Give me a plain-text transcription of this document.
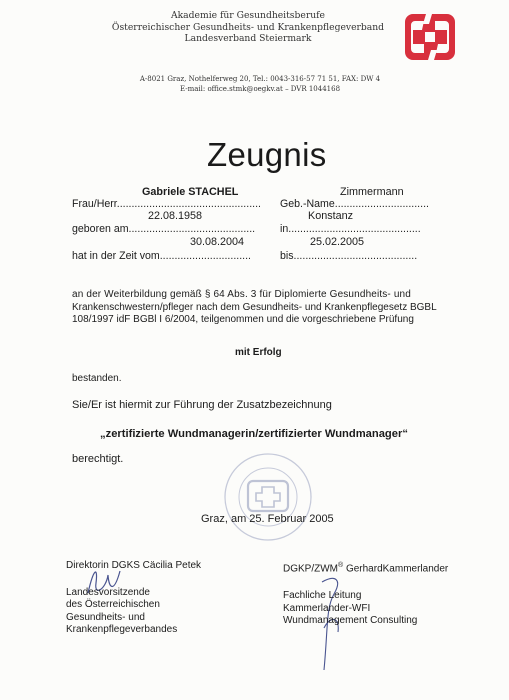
Akademie für Gesundheitsberufe
Österreichischer Gesundheits- und Krankenpflegeverband
Landesverband Steiermark
A-8021 Graz, Nothelferweg 20, Tel.: 0043-316-57 71 51, FAX: DW 4
E-mail: office.stmk@oegkv.at – DVR 1044168
Zeugnis
Gabriele STACHEL	Zimmermann
Frau/Herr................................................. Geb.-Name................................
22.08.1958	Konstanz
geboren am........................................... in.............................................
30.08.2004	25.02.2005
hat in der Zeit vom...............................	bis..........................................
an der Weiterbildung gemäß § 64 Abs. 3 für Diplomierte Gesundheits- und
Krankenschwestern/pfleger nach dem Gesundheits- und Krankenpflegesetz BGBL
108/1997 idF BGBl I 6/2004, teilgenommen und die vorgeschriebene Prüfung
mit Erfolg
bestanden.
Sie/Er ist hiermit zur Führung der Zusatzbezeichnung
„zertifizierte Wundmanagerin/zertifizierter Wundmanager“
berechtigt.
Graz, am 25. Februar 2005
Direktorin DGKS Cäcilia Petek
Landesvorsitzende
des Österreichischen
Gesundheits- und
Krankenpflegeverbandes
DGKP/ZWM® GerhardKammerlander
Fachliche Leitung
Kammerlander-WFI
Wundmanagement Consulting
